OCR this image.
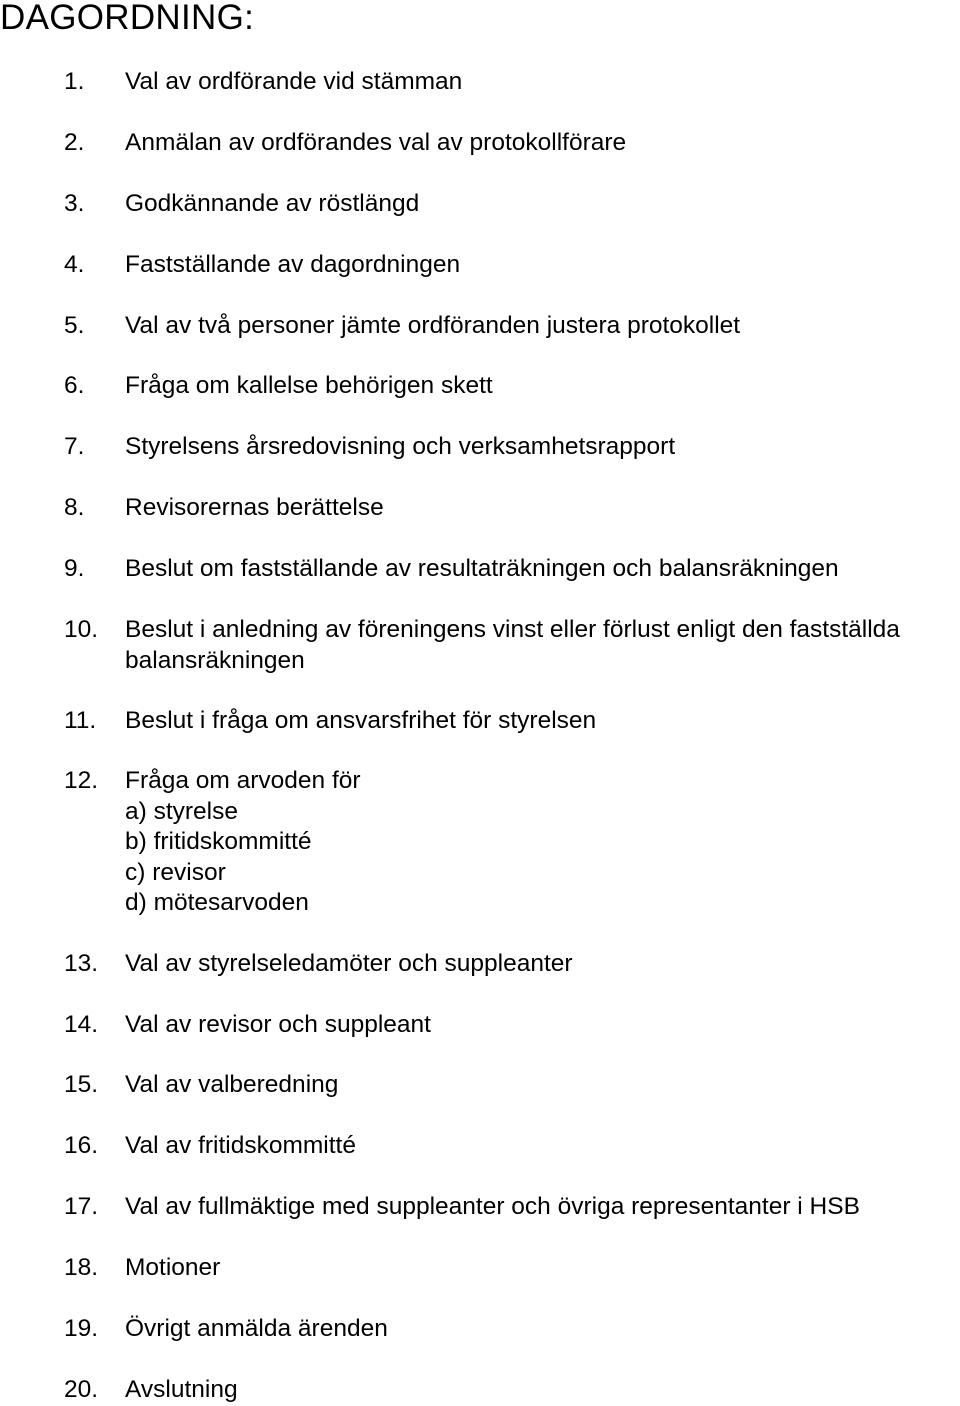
DAGORDNING:
1. Val av ordförande vid stämman
2. Anmälan av ordförandes val av protokollförare
3. Godkännande av röstlängd
4. Fastställande av dagordningen
5. Val av två personer jämte ordföranden justera protokollet
6. Fråga om kallelse behörigen skett
7. Styrelsens årsredovisning och verksamhetsrapport
8. Revisorernas berättelse
9. Beslut om fastställande av resultaträkningen och balansräkningen
10. Beslut i anledning av föreningens vinst eller förlust enligt den fastställda
balansräkningen
11. Beslut i fråga om ansvarsfrihet för styrelsen
12. Fråga om arvoden för
a) styrelse
b) fritidskommitté
c) revisor
d) mötesarvoden
13. Val av styrelseledamöter och suppleanter
14. Val av revisor och suppleant
15. Val av valberedning
16. Val av fritidskommitté
17. Val av fullmäktige med suppleanter och övriga representanter i HSB
18. Motioner
19. Övrigt anmälda ärenden
20. Avslutning
